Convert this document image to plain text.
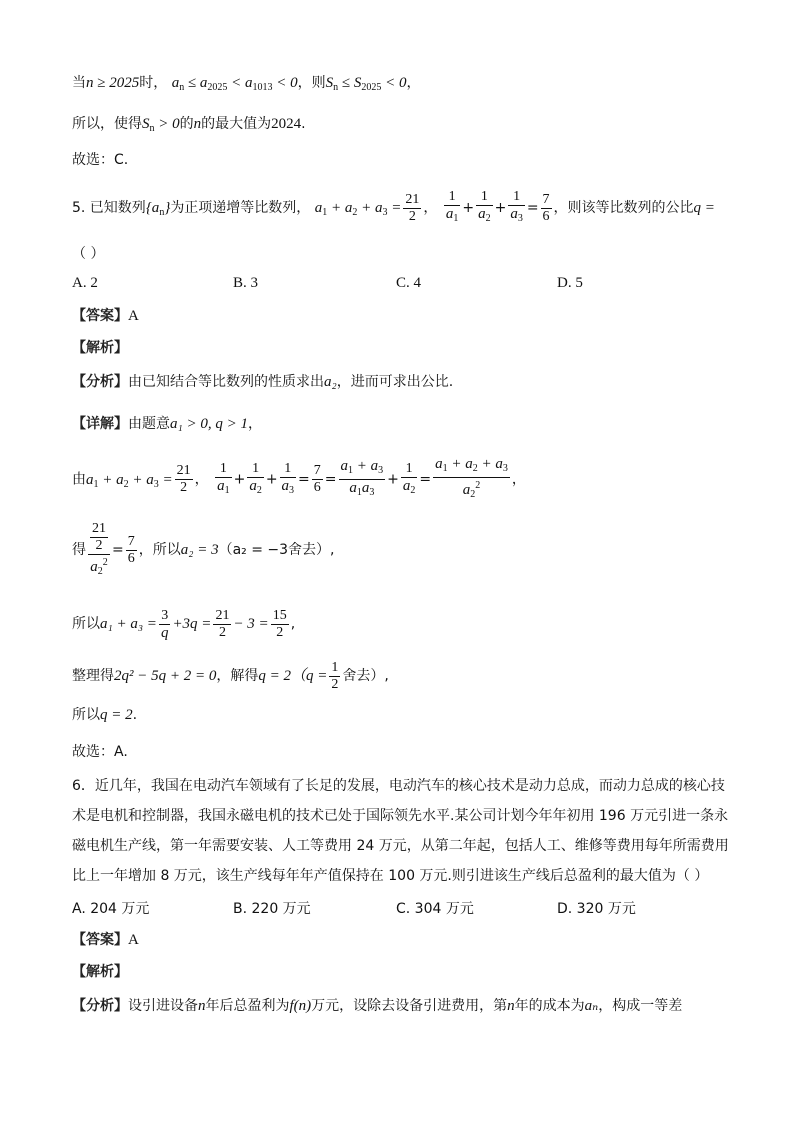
当n ≥ 2025时， $a_n \le a_{2025} < a_{1013} < 0$，则$S_n \le S_{2025} < 0$，
所以，使得$S_n > 0$的n的最大值为2024.
故选：C.
5. 已知数列$\{a_n\}$为正项递增等比数列， $a_1 + a_2 + a_3 = \frac{21}{2}$ ， $\frac{1}{a_1} + \frac{1}{a_2} + \frac{1}{a_3} = \frac{7}{6}$ ，则该等比数列的公比q =
（ ）
A. 2	B. 3	C. 4	D. 5
【答案】A
【解析】
【分析】由已知结合等比数列的性质求出a₂，进而可求出公比.
【详解】由题意a₁ > 0, q > 1，
由$a_1 + a_2 + a_3 = \frac{21}{2}$ ， $\frac{1}{a_1} + \frac{1}{a_2} + \frac{1}{a_3} = \frac{7}{6} = \frac{a_1 + a_3}{a_1a_3} + \frac{1}{a_2} = \frac{a_1 + a_2 + a_3}{a_2^2}$ ，
得 $\frac{\frac{21}{2}}{a_2^2} = \frac{7}{6}$ ，所以a₂ = 3（a₂ = −3舍去）,
所以$a_1 + a_3 = \frac{3}{q} +3q = \frac{21}{2} - 3 = \frac{15}{2}$ ,
整理得2q² − 5q + 2 = 0，解得$q = 2(q = \frac{1}{2}$ 舍去）,
所以q = 2.
故选：A.
6．近几年，我国在电动汽车领域有了长足的发展，电动汽车的核心技术是动力总成，而动力总成的核心技
术是电机和控制器，我国永磁电机的技术已处于国际领先水平.某公司计划今年年初用 196 万元引进一条永
磁电机生产线，第一年需要安装、人工等费用 24 万元，从第二年起，包括人工、维修等费用每年所需费用
比上一年增加 8 万元，该生产线每年年产值保持在 100 万元.则引进该生产线后总盈利的最大值为（ ）
A. 204 万元	B. 220 万元	C. 304 万元	D. 320 万元
【答案】A
【解析】
【分析】设引进设备n年后总盈利为f(n)万元，设除去设备引进费用，第n年的成本为aₙ，构成一等差
